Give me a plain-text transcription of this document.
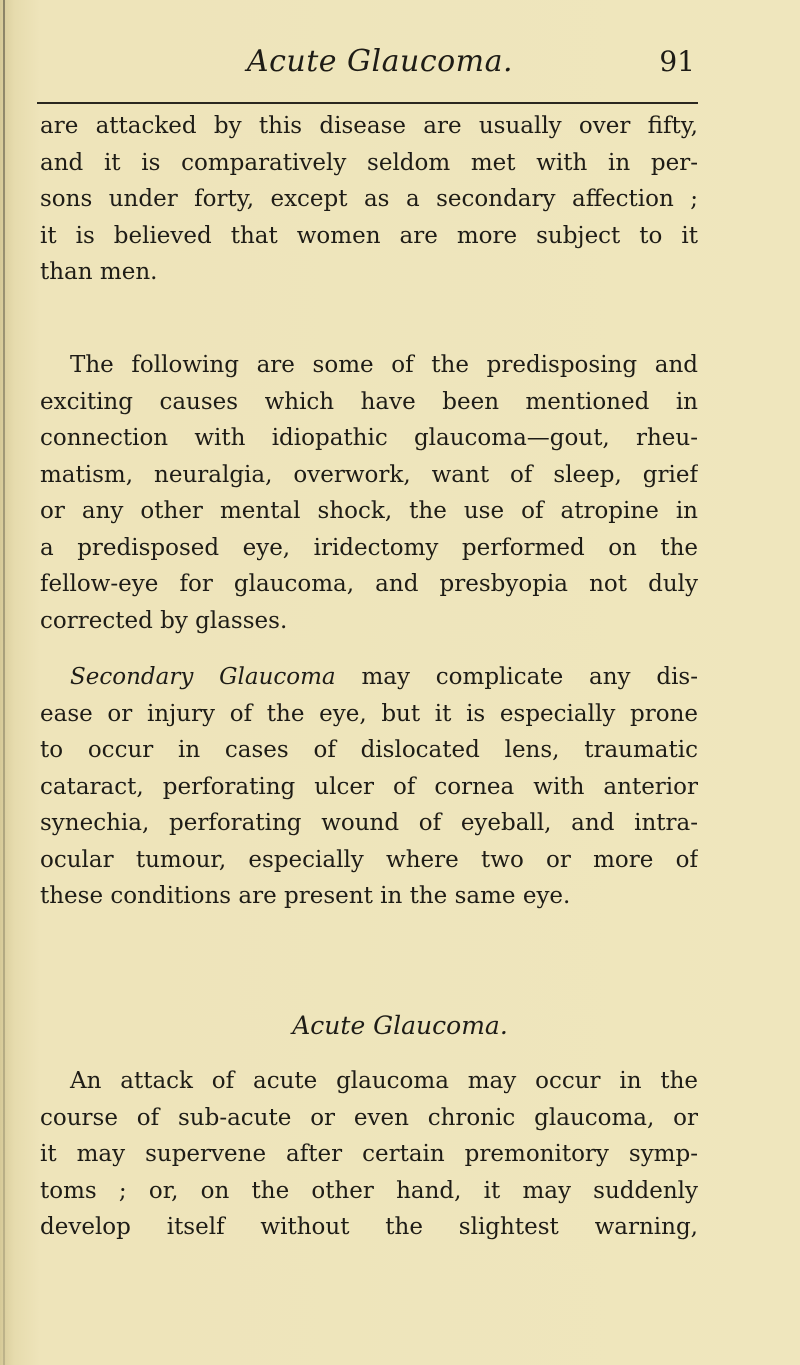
Acute Glaucoma.	91
are attacked by this disease are usually over fifty,
and it is comparatively seldom met with in per-
sons under forty, except as a secondary affection ;
it is believed that women are more subject to it
than men.
The following are some of the predisposing and
exciting causes which have been mentioned in
connection with idiopathic glaucoma—gout, rheu-
matism, neuralgia, overwork, want of sleep, grief
or any other mental shock, the use of atropine in
a predisposed eye, iridectomy performed on the
fellow-eye for glaucoma, and presbyopia not duly
corrected by glasses.
Secondary Glaucoma may complicate any dis-
ease or injury of the eye, but it is especially prone
to occur in cases of dislocated lens, traumatic
cataract, perforating ulcer of cornea with anterior
synechia, perforating wound of eyeball, and intra-
ocular tumour, especially where two or more of
these conditions are present in the same eye.
Acute Glaucoma.
An attack of acute glaucoma may occur in the
course of sub-acute or even chronic glaucoma, or
it may supervene after certain premonitory symp-
toms ; or, on the other hand, it may suddenly
develop itself without the slightest warning,
